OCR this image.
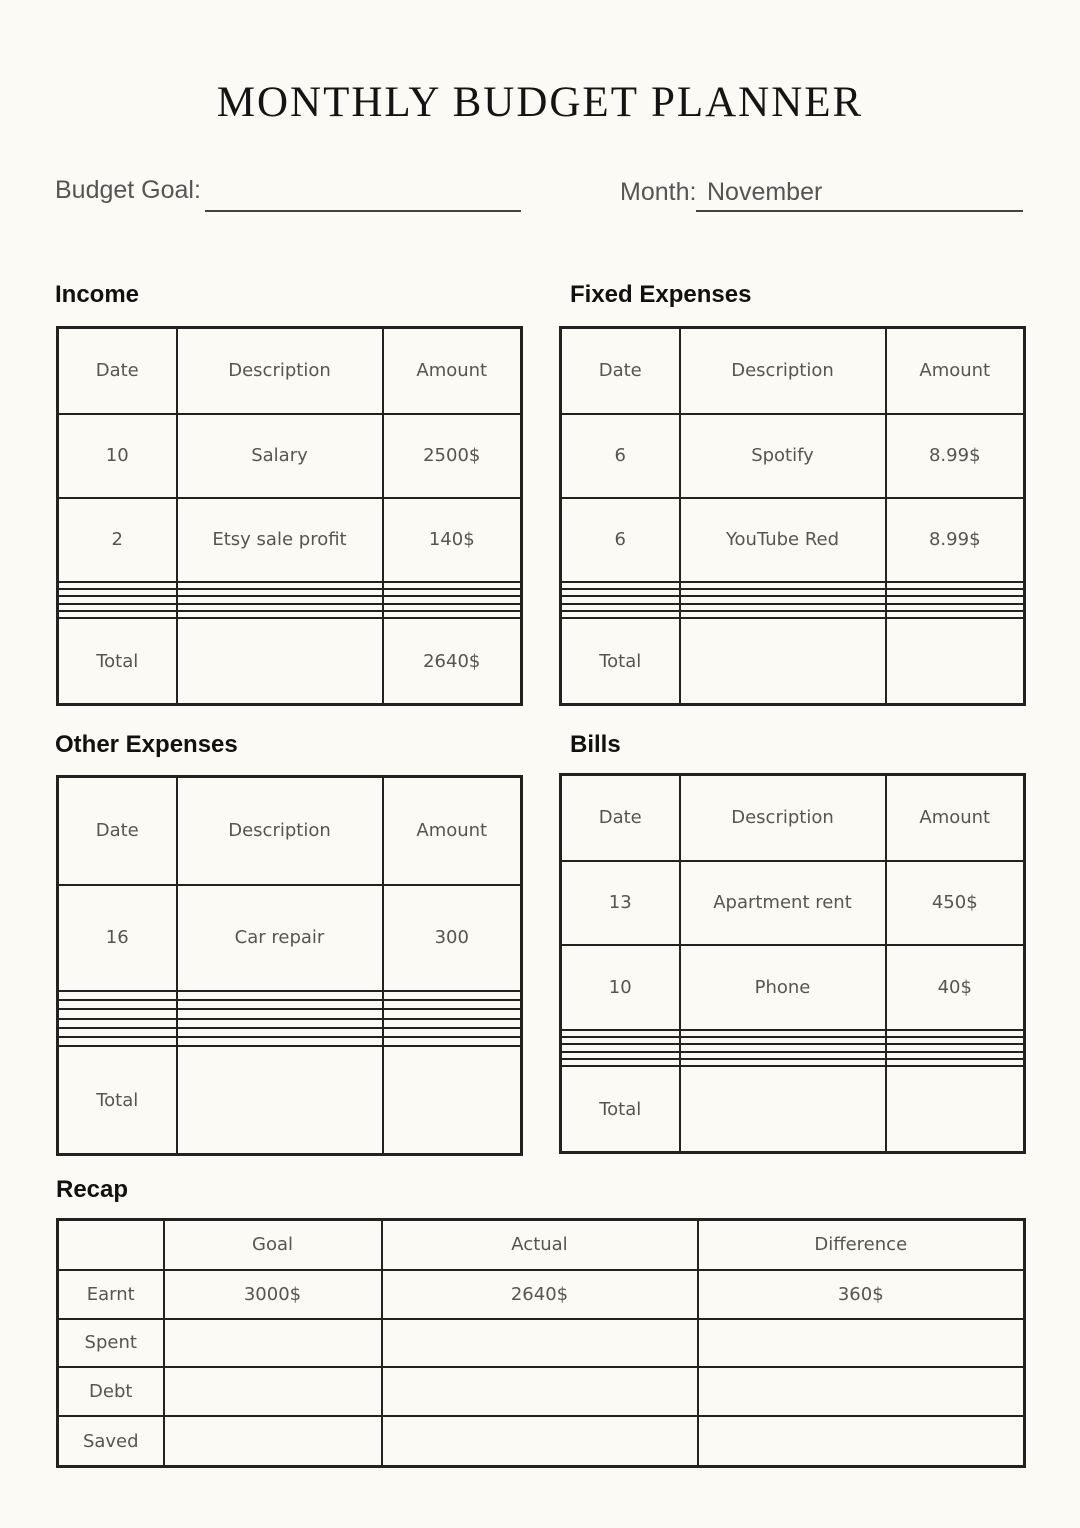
MONTHLY BUDGET PLANNER
Budget Goal:	Month: November
Income	Fixed Expenses
Other Expenses	Bills
Recap
Date	Description	Amount
10	Salary	2500$
2	Etsy sale profit	140$

Total		2640$
Date	Description	Amount
6	Spotify	8.99$
6	YouTube Red	8.99$

Total		
Date	Description	Amount
16	Car repair	300

Total		
Date	Description	Amount
13	Apartment rent	450$
10	Phone	40$

Total		
	Goal	Actual	Difference
Earnt	3000$	2640$	360$
Spent			
Debt			
Saved			
